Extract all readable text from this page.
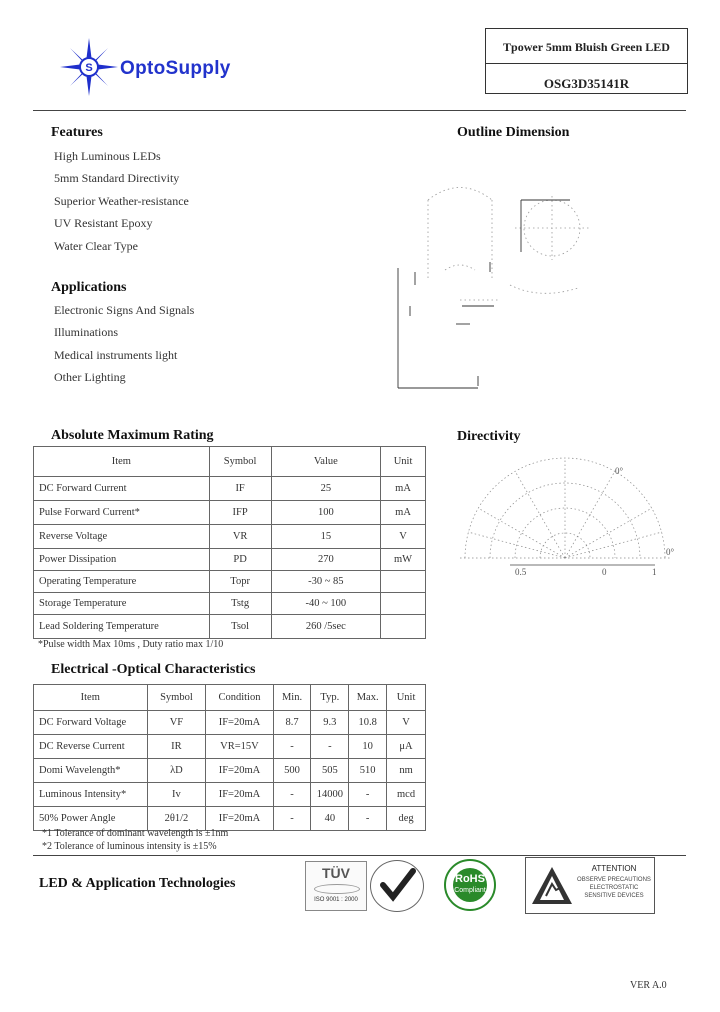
S OptoSupply
Tpower 5mm Bluish Green LED
OSG3D35141R
Features
High Luminous LEDs
5mm Standard Directivity
Superior Weather-resistance
UV Resistant Epoxy
Water Clear Type
Applications
Electronic Signs And Signals
Illuminations
Medical instruments light
Other Lighting
Outline Dimension
Directivity
0°
0°
0.5	0	1
Absolute Maximum Rating
Item	Symbol	Value	Unit
DC Forward Current	IF	25	mA
Pulse Forward Current*	IFP	100	mA
Reverse Voltage	VR	15	V
Power Dissipation	PD	270	mW
Operating Temperature	Topr	-30 ~ 85	
Storage Temperature	Tstg	-40 ~ 100	
Lead Soldering Temperature	Tsol	260 /5sec	
*Pulse width Max 10ms , Duty ratio max 1/10
Electrical -Optical Characteristics
Item	Symbol	Condition	Min.	Typ.	Max.	Unit
DC Forward Voltage	VF	IF=20mA	8.7	9.3	10.8	V
DC Reverse Current	IR	VR=15V	-	-	10	μA
Domi Wavelength*	λD	IF=20mA	500	505	510	nm
Luminous Intensity*	Iv	IF=20mA	-	14000	-	mcd
50% Power Angle	2θ1/2	IF=20mA	-	40	-	deg
*1 Tolerance of dominant wavelength is ±1nm
*2 Tolerance of luminous intensity is ±15%
LED & Application Technologies
TÜV
ISO 9001 : 2000
RoHS
Compliant
ATTENTION
OBSERVE PRECAUTIONS ELECTROSTATIC SENSITIVE DEVICES
VER A.0
